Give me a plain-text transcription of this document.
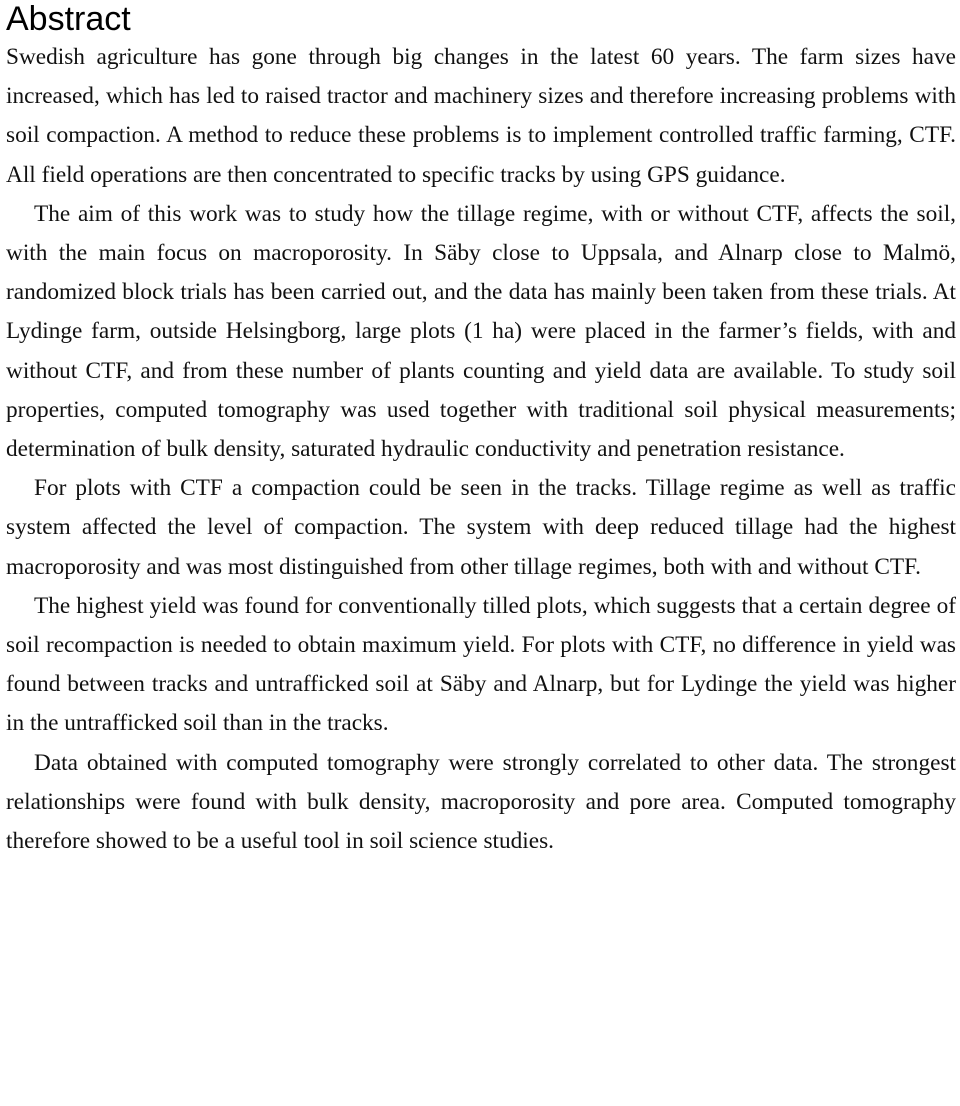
Abstract

Swedish agriculture has gone through big changes in the latest 60 years. The farm sizes have increased, which has led to raised tractor and machinery sizes and therefore increasing problems with soil compaction. A method to reduce these problems is to implement controlled traffic farming, CTF. All field operations are then concentrated to specific tracks by using GPS guidance.

The aim of this work was to study how the tillage regime, with or without CTF, affects the soil, with the main focus on macroporosity. In Säby close to Uppsala, and Alnarp close to Malmö, randomized block trials has been carried out, and the data has mainly been taken from these trials. At Lydinge farm, outside Helsingborg, large plots (1 ha) were placed in the farmer’s fields, with and without CTF, and from these number of plants counting and yield data are available. To study soil properties, computed tomography was used together with traditional soil physical measurements; determination of bulk density, saturated hydraulic conductivity and penetration resistance.

For plots with CTF a compaction could be seen in the tracks. Tillage regime as well as traffic system affected the level of compaction. The system with deep reduced tillage had the highest macroporosity and was most distinguished from other tillage regimes, both with and without CTF.

The highest yield was found for conventionally tilled plots, which suggests that a certain degree of soil recompaction is needed to obtain maximum yield. For plots with CTF, no difference in yield was found between tracks and untrafficked soil at Säby and Alnarp, but for Lydinge the yield was higher in the untrafficked soil than in the tracks.

Data obtained with computed tomography were strongly correlated to other data. The strongest relationships were found with bulk density, macroporosity and pore area. Computed tomography therefore showed to be a useful tool in soil science studies.
